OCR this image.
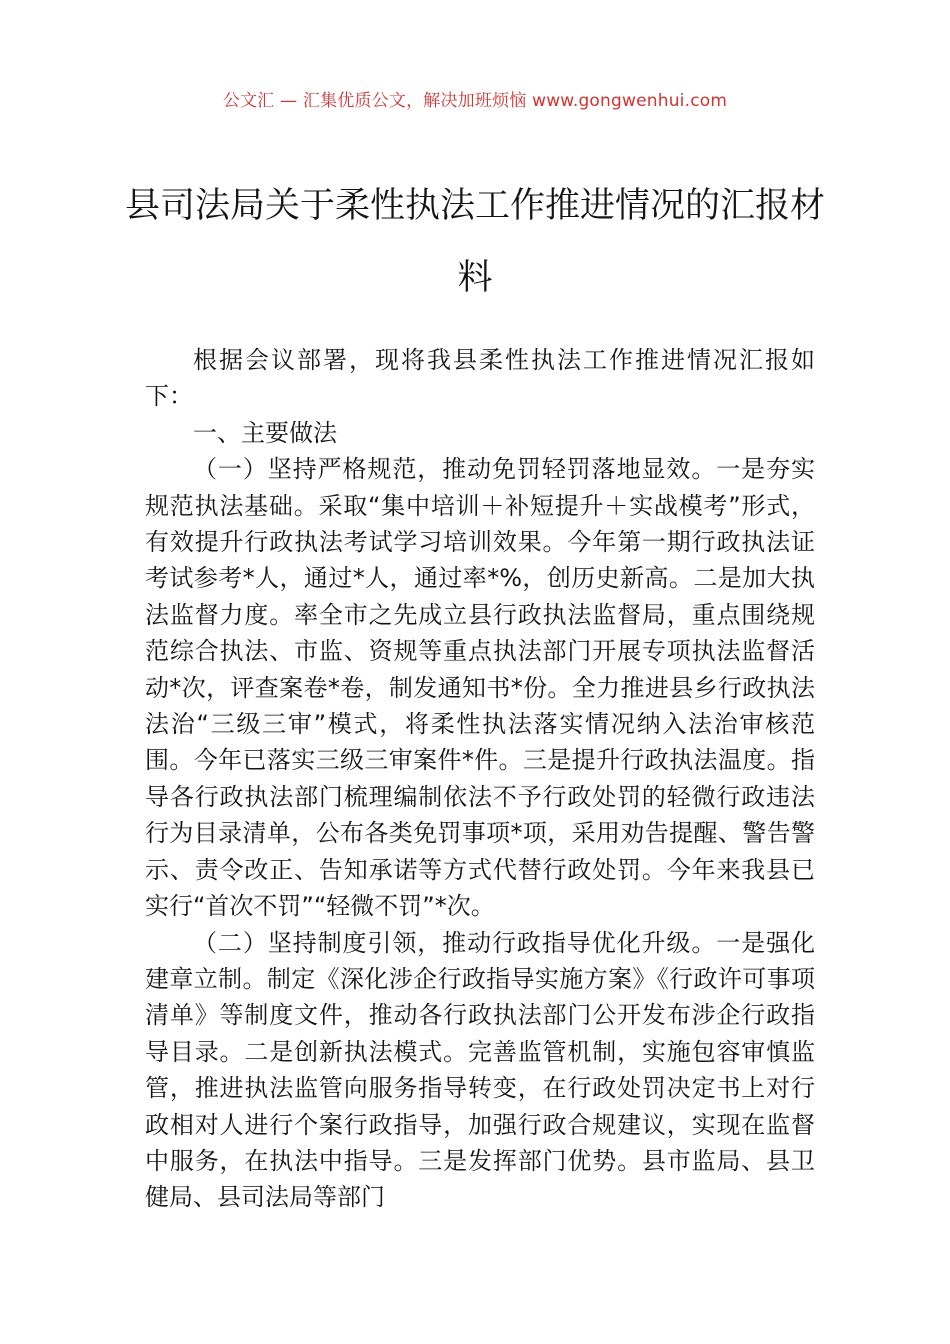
公文汇 — 汇集优质公文，解决加班烦恼 www.gongwenhui.com
县司法局关于柔性执法工作推进情况的汇报材料

根据会议部署，现将我县柔性执法工作推进情况汇报如下：

一、主要做法

（一）坚持严格规范，推动免罚轻罚落地显效。一是夯实规范执法基础。采取“集中培训＋补短提升＋实战模考”形式，有效提升行政执法考试学习培训效果。今年第一期行政执法证考试参考*人，通过*人，通过率*%，创历史新高。二是加大执法监督力度。率全市之先成立县行政执法监督局，重点围绕规范综合执法、市监、资规等重点执法部门开展专项执法监督活动*次，评查案卷*卷，制发通知书*份。全力推进县乡行政执法法治“三级三审”模式，将柔性执法落实情况纳入法治审核范围。今年已落实三级三审案件*件。三是提升行政执法温度。指导各行政执法部门梳理编制依法不予行政处罚的轻微行政违法行为目录清单，公布各类免罚事项*项，采用劝告提醒、警告警示、责令改正、告知承诺等方式代替行政处罚。今年来我县已实行“首次不罚”“轻微不罚”*次。

（二）坚持制度引领，推动行政指导优化升级。一是强化建章立制。制定《深化涉企行政指导实施方案》《行政许可事项清单》等制度文件，推动各行政执法部门公开发布涉企行政指导目录。二是创新执法模式。完善监管机制，实施包容审慎监管，推进执法监管向服务指导转变，在行政处罚决定书上对行政相对人进行个案行政指导，加强行政合规建议，实现在监督中服务，在执法中指导。三是发挥部门优势。县市监局、县卫健局、县司法局等部门
